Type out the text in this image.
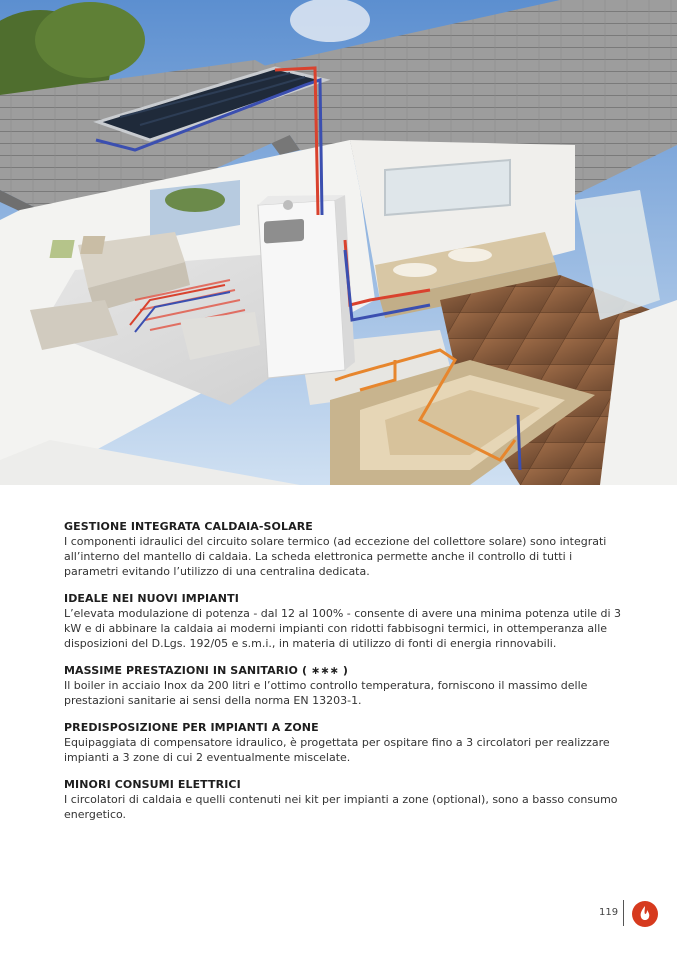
GESTIONE INTEGRATA CALDAIA-SOLARE

I componenti idraulici del circuito solare termico (ad eccezione del collettore solare) sono integrati all’interno del mantello di caldaia. La scheda elettronica permette anche il controllo di tutti i parametri evitando l’utilizzo di una centralina dedicata.

IDEALE NEI NUOVI IMPIANTI

L’elevata modulazione di potenza - dal 12 al 100% - consente di avere una minima potenza utile di 3 kW e di abbinare la caldaia ai moderni impianti con ridotti fabbisogni termici, in ottemperanza alle disposizioni del D.Lgs. 192/05 e s.m.i., in materia di utilizzo di fonti di energia rinnovabili.

MASSIME PRESTAZIONI IN SANITARIO ( ∗∗∗ )

Il boiler in acciaio Inox da 200 litri e l’ottimo controllo temperatura, forniscono il massimo delle prestazioni sanitarie ai sensi della norma EN 13203-1.

PREDISPOSIZIONE PER IMPIANTI A ZONE

Equipaggiata di compensatore idraulico, è progettata per ospitare fino a 3 circolatori per realizzare impianti a 3 zone di cui 2 eventualmente miscelate.

MINORI CONSUMI ELETTRICI

I circolatori di caldaia e quelli contenuti nei kit per impianti a zone (optional), sono a basso consumo energetico.

119
